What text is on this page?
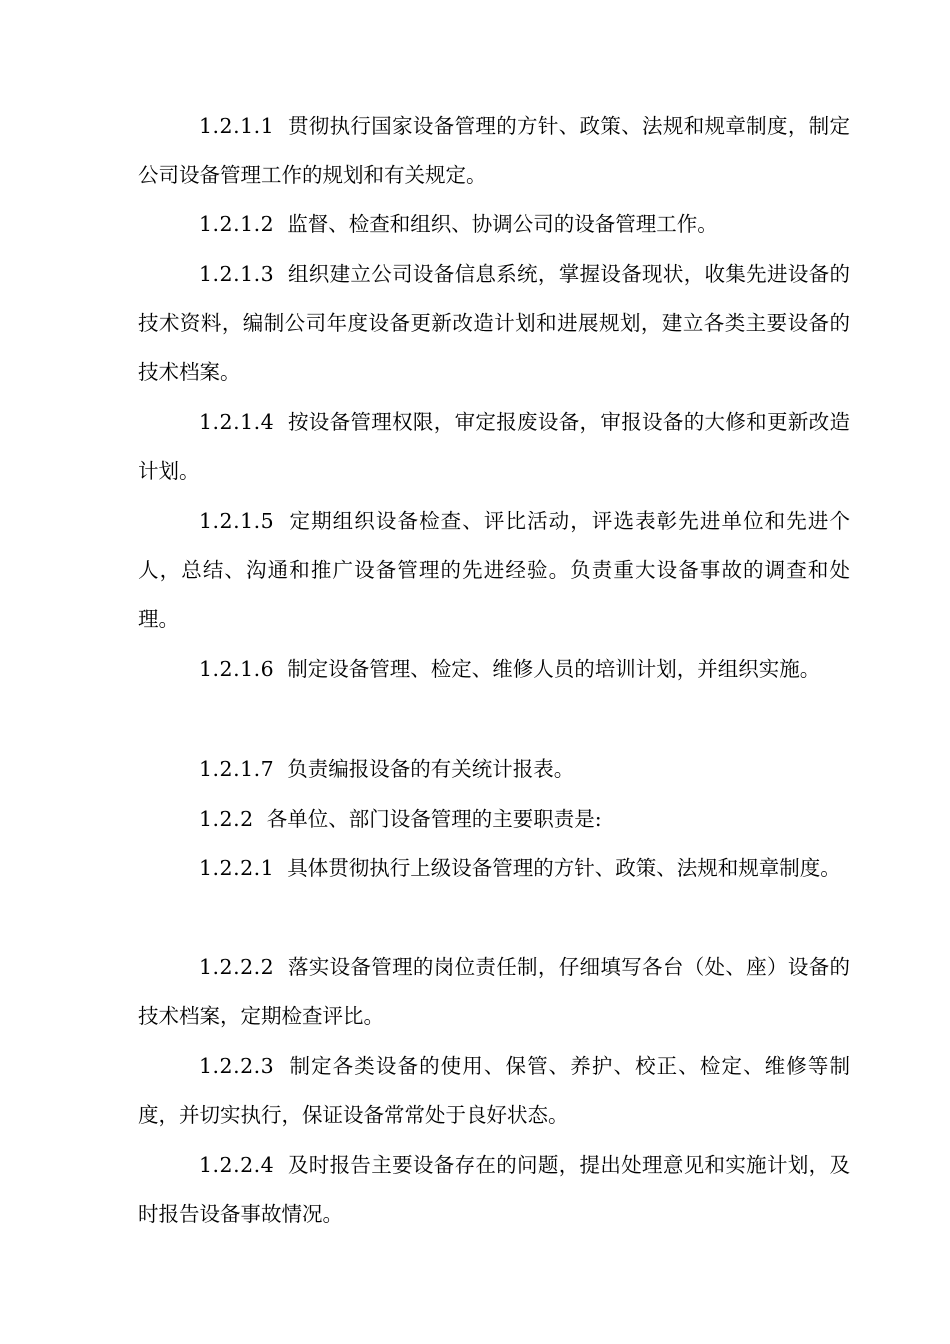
1.2.1.1 贯彻执行国家设备管理的方针、政策、法规和规章制度，制定公司设备管理工作的规划和有关规定。

1.2.1.2 监督、检查和组织、协调公司的设备管理工作。

1.2.1.3 组织建立公司设备信息系统，掌握设备现状，收集先进设备的技术资料，编制公司年度设备更新改造计划和进展规划，建立各类主要设备的技术档案。

1.2.1.4 按设备管理权限，审定报废设备，审报设备的大修和更新改造计划。

1.2.1.5 定期组织设备检查、评比活动，评选表彰先进单位和先进个人，总结、沟通和推广设备管理的先进经验。负责重大设备事故的调查和处理。

1.2.1.6 制定设备管理、检定、维修人员的培训计划，并组织实施。

1.2.1.7 负责编报设备的有关统计报表。

1.2.2 各单位、部门设备管理的主要职责是:

1.2.2.1 具体贯彻执行上级设备管理的方针、政策、法规和规章制度。

1.2.2.2 落实设备管理的岗位责任制，仔细填写各台（处、座）设备的技术档案，定期检查评比。

1.2.2.3 制定各类设备的使用、保管、养护、校正、检定、维修等制度，并切实执行，保证设备常常处于良好状态。

1.2.2.4 及时报告主要设备存在的问题，提出处理意见和实施计划，及时报告设备事故情况。
